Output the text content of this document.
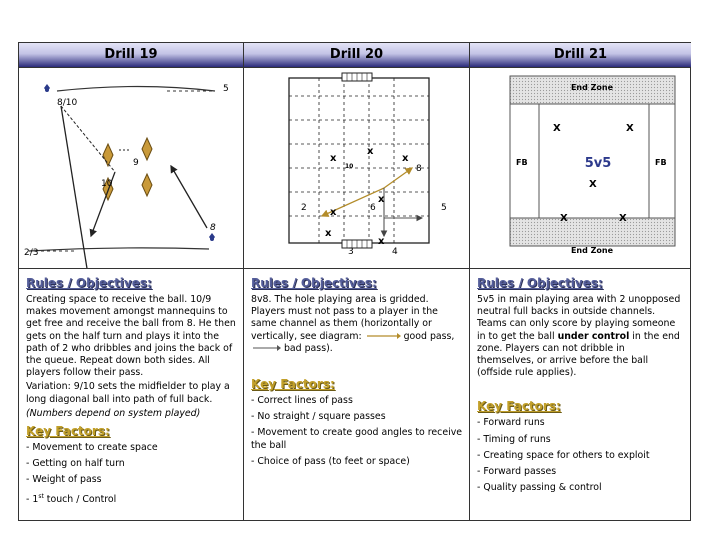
Drill 19	Drill 20	Drill 21
8/10
5
10
9
8
2/3
x
x
x
x
x
x
x
10	8
2	6	5
3	4
End Zone
End Zone
FB	FB
5v5
X	X
X
X	X
Rules / Objectives:
Creating space to receive the ball. 10/9 makes movement amongst mannequins to get free and receive the ball from 8. He then gets on the half turn and plays it into the path of 2 who dribbles and joins the back of the queue. Repeat down both sides. All players follow their pass.
Variation: 9/10 sets the midfielder to play a long diagonal ball into path of full back.
(Numbers depend on system played)
Key Factors:
- Movement to create space
- Getting on half turn
- Weight of pass
- 1st touch / Control
Rules / Objectives:
8v8. The hole playing area is gridded. Players must not pass to a player in the same channel as them (horizontally or vertically, see diagram:	good pass,  bad pass).
Key Factors:
- Correct lines of pass
- No straight / square passes
- Movement to create good angles to receive the ball
- Choice of pass (to feet or space)
Rules / Objectives:
5v5 in main playing area with 2 unopposed neutral full backs in outside channels. Teams can only score by playing someone in to get the ball under control in the end zone. Players can not dribble in themselves, or arrive before the ball (offside rule applies).
Key Factors:
- Forward runs
- Timing of runs
- Creating space for others to exploit
- Forward passes
- Quality passing & control
